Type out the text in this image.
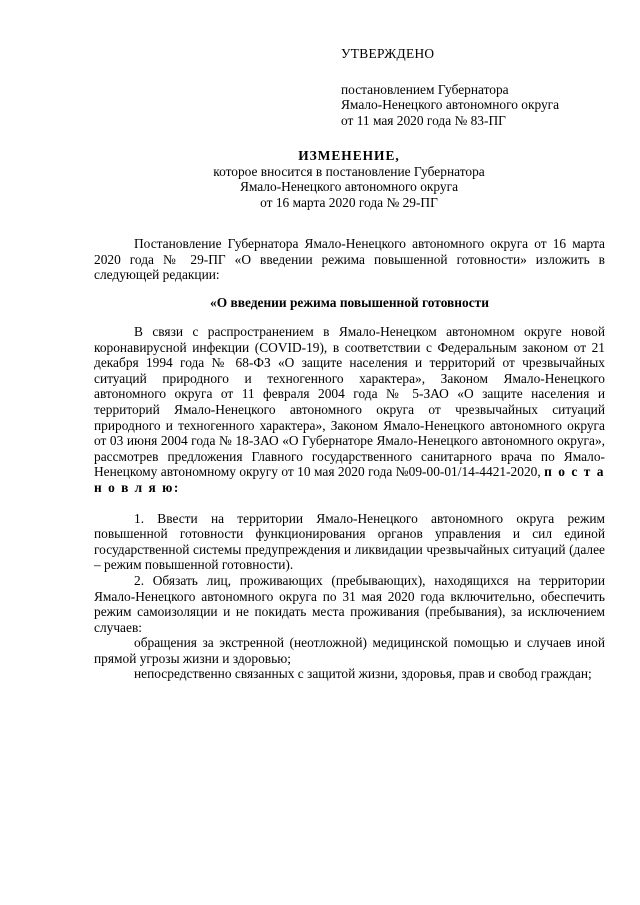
УТВЕРЖДЕНО

постановлением Губернатора

Ямало-Ненецкого автономного округа

от 11 мая 2020 года № 83-ПГ

ИЗМЕНЕНИЕ,
которое вносится в постановление Губернатора
Ямало-Ненецкого автономного округа
от 16 марта 2020 года № 29-ПГ

Постановление Губернатора Ямало-Ненецкого автономного округа от 16 марта 2020 года № 29-ПГ «О введении режима повышенной готовности» изложить в следующей редакции:

«О введении режима повышенной готовности

В связи с распространением в Ямало-Ненецком автономном округе новой коронавирусной инфекции (COVID-19), в соответствии с Федеральным законом от 21 декабря 1994 года № 68-ФЗ «О защите населения и территорий от чрезвычайных ситуаций природного и техногенного характера», Законом Ямало-Ненецкого автономного округа от 11 февраля 2004 года № 5-ЗАО «О защите населения и территорий Ямало-Ненецкого автономного округа от чрезвычайных ситуаций природного и техногенного характера», Законом Ямало-Ненецкого автономного округа от 03 июня 2004 года № 18-ЗАО «О Губернаторе Ямало-Ненецкого автономного округа», рассмотрев предложения Главного государственного санитарного врача по Ямало-Ненецкому автономному округу от 10 мая 2020 года №09-00-01/14-4421-2020, п о с т а н о в л я ю:

1. Ввести на территории Ямало-Ненецкого автономного округа режим повышенной готовности функционирования органов управления и сил единой государственной системы предупреждения и ликвидации чрезвычайных ситуаций (далее – режим повышенной готовности).

2. Обязать лиц, проживающих (пребывающих), находящихся на территории Ямало-Ненецкого автономного округа по 31 мая 2020 года включительно, обеспечить режим самоизоляции и не покидать места проживания (пребывания), за исключением случаев:

обращения за экстренной (неотложной) медицинской помощью и случаев иной прямой угрозы жизни и здоровью;

непосредственно связанных с защитой жизни, здоровья, прав и свобод граждан;
